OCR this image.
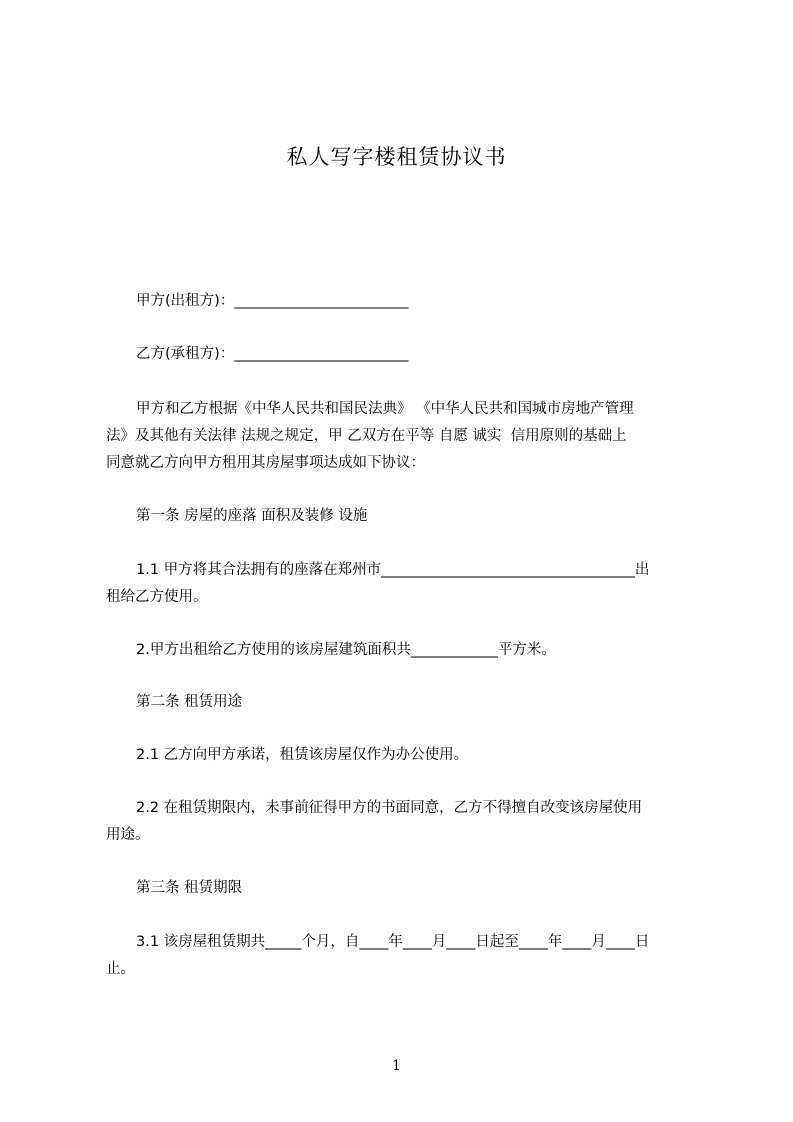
私人写字楼租赁协议书

甲方(出租方)：________________________

乙方(承租方)：________________________

甲方和乙方根据《中华人民共和国民法典》 《中华人民共和国城市房地产管理

法》及其他有关法律 法规之规定，甲 乙双方在平等 自愿 诚实  信用原则的基础上

同意就乙方向甲方租用其房屋事项达成如下协议：

第一条 房屋的座落 面积及装修 设施

1.1 甲方将其合法拥有的座落在郑州市___________________________________出

租给乙方使用。

2.甲方出租给乙方使用的该房屋建筑面积共____________平方米。

第二条 租赁用途

2.1 乙方向甲方承诺，租赁该房屋仅作为办公使用。

2.2 在租赁期限内，未事前征得甲方的书面同意，乙方不得擅自改变该房屋使用

用途。

第三条 租赁期限

3.1 该房屋租赁期共_____个月，自____年____月____日起至____年____月____日

止。

1
